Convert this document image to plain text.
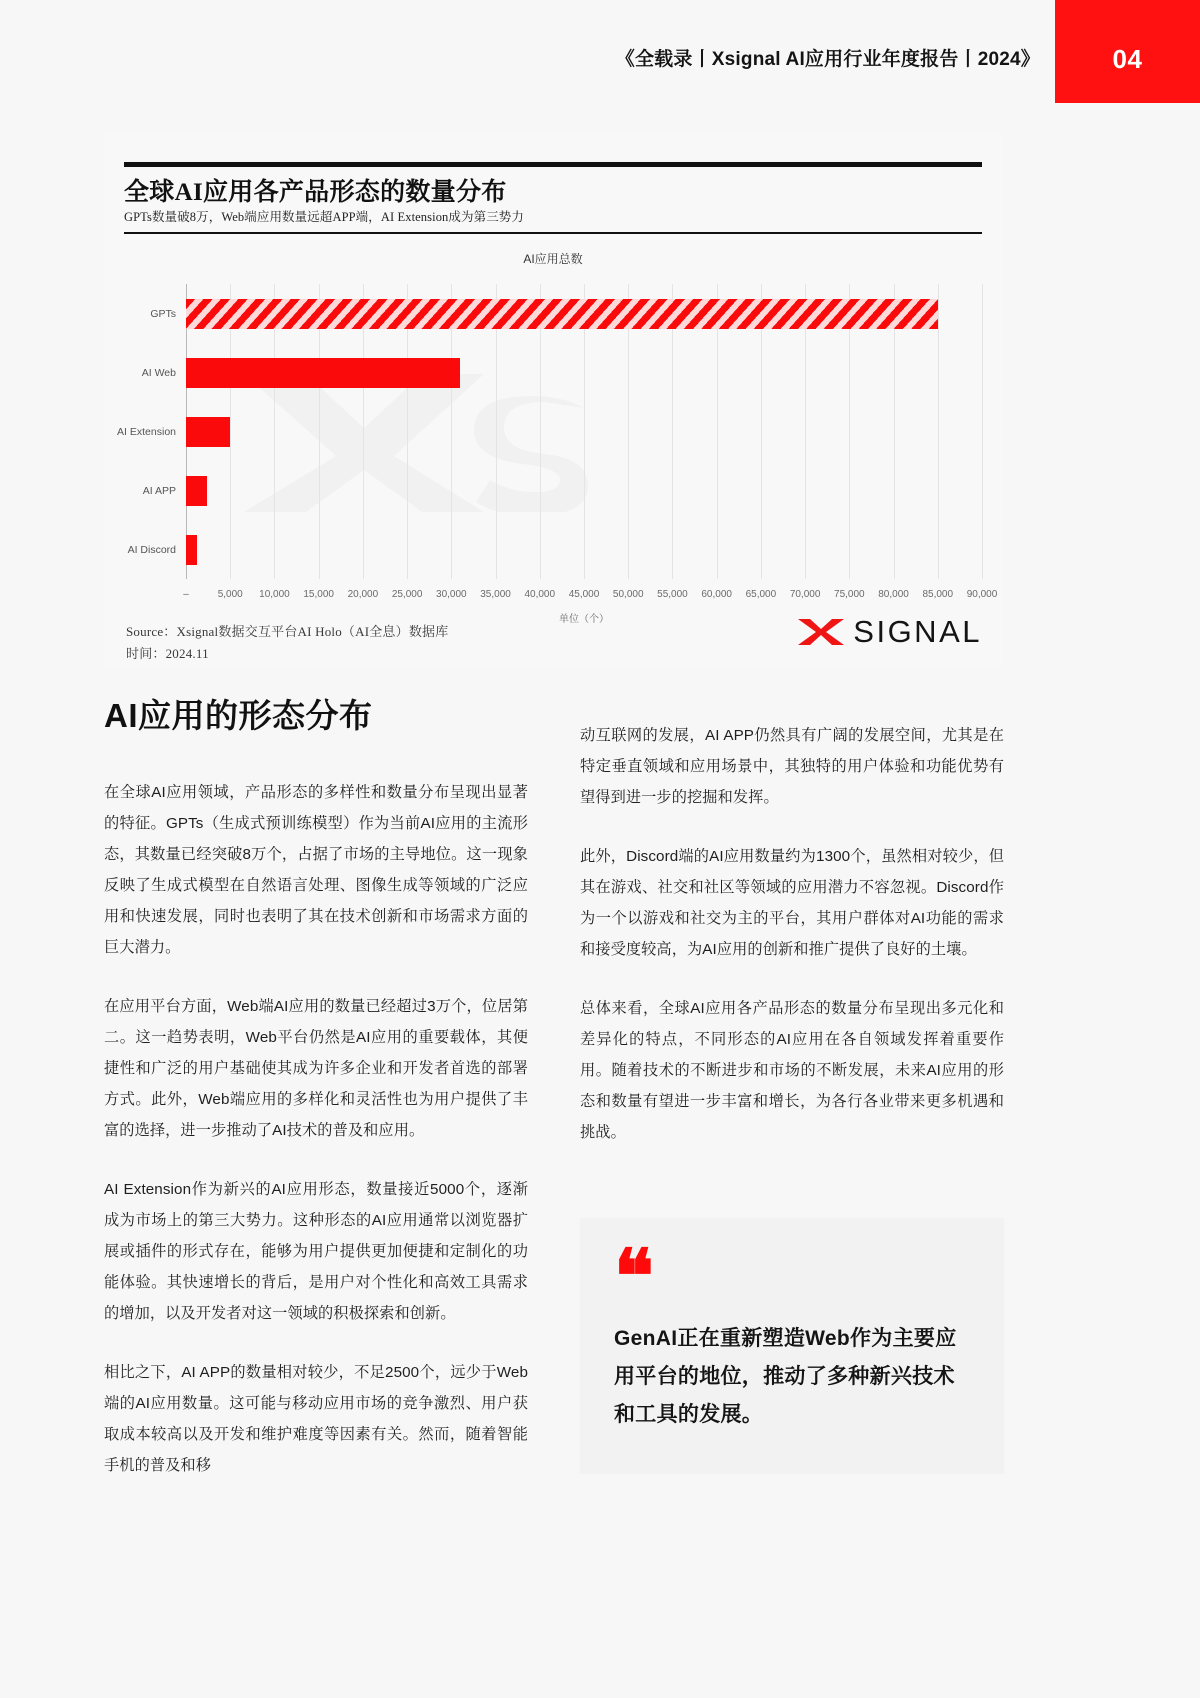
《全载录丨Xsignal AI应用行业年度报告丨2024》	04
全球AI应用各产品形态的数量分布
GPTs数量破8万，Web端应用数量远超APP端，AI Extension成为第三势力
AI应用总数
GPTs
AI Web
AI Extension
AI APP
AI Discord
–	5,000 10,000 15,000 20,000 25,000 30,000 35,000 40,000 45,000 50,000 55,000 60,000 65,000 70,000 75,000 80,000 85,000 90,000
单位（个）
Source：Xsignal数据交互平台AI Holo（AI全息）数据库
时间：2024.11
SIGNAL
AI应用的形态分布

在全球AI应用领域，产品形态的多样性和数量分布呈现出显著的特征。GPTs（生成式预训练模型）作为当前AI应用的主流形态，其数量已经突破8万个，占据了市场的主导地位。这一现象反映了生成式模型在自然语言处理、图像生成等领域的广泛应用和快速发展，同时也表明了其在技术创新和市场需求方面的巨大潜力。

在应用平台方面，Web端AI应用的数量已经超过3万个，位居第二。这一趋势表明，Web平台仍然是AI应用的重要载体，其便捷性和广泛的用户基础使其成为许多企业和开发者首选的部署方式。此外，Web端应用的多样化和灵活性也为用户提供了丰富的选择，进一步推动了AI技术的普及和应用。

AI Extension作为新兴的AI应用形态，数量接近5000个，逐渐成为市场上的第三大势力。这种形态的AI应用通常以浏览器扩展或插件的形式存在，能够为用户提供更加便捷和定制化的功能体验。其快速增长的背后，是用户对个性化和高效工具需求的增加，以及开发者对这一领域的积极探索和创新。

相比之下，AI APP的数量相对较少，不足2500个，远少于Web端的AI应用数量。这可能与移动应用市场的竞争激烈、用户获取成本较高以及开发和维护难度等因素有关。然而，随着智能手机的普及和移

动互联网的发展，AI APP仍然具有广阔的发展空间，尤其是在特定垂直领域和应用场景中，其独特的用户体验和功能优势有望得到进一步的挖掘和发挥。

此外，Discord端的AI应用数量约为1300个，虽然相对较少，但其在游戏、社交和社区等领域的应用潜力不容忽视。Discord作为一个以游戏和社交为主的平台，其用户群体对AI功能的需求和接受度较高，为AI应用的创新和推广提供了良好的土壤。

总体来看，全球AI应用各产品形态的数量分布呈现出多元化和差异化的特点，不同形态的AI应用在各自领域发挥着重要作用。随着技术的不断进步和市场的不断发展，未来AI应用的形态和数量有望进一步丰富和增长，为各行各业带来更多机遇和挑战。

❝
GenAI正在重新塑造Web作为主要应用平台的地位，推动了多种新兴技术和工具的发展。
